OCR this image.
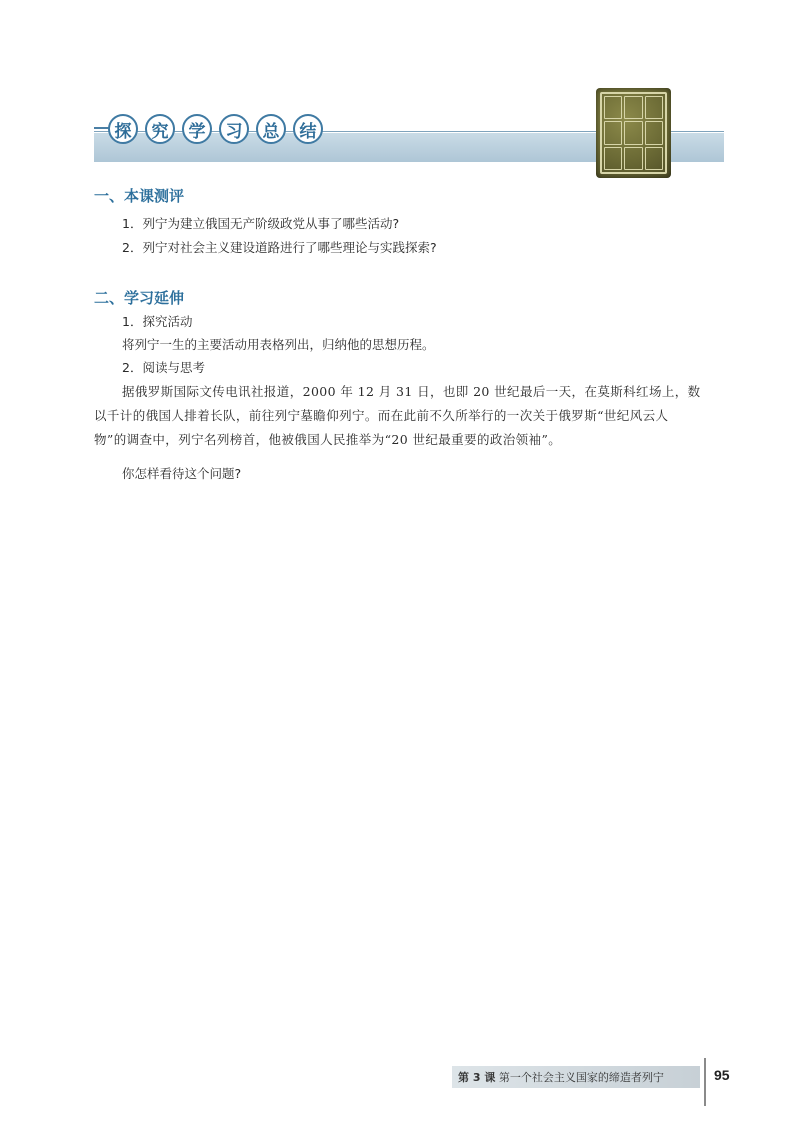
探	究	学	习	总	结
一、本课测评
1．列宁为建立俄国无产阶级政党从事了哪些活动?
2．列宁对社会主义建设道路进行了哪些理论与实践探索?
二、学习延伸
1．探究活动
将列宁一生的主要活动用表格列出，归纳他的思想历程。
2．阅读与思考
据俄罗斯国际文传电讯社报道，2000 年 12 月 31 日，也即 20 世纪最后一天，在莫斯科红场上，数
以千计的俄国人排着长队，前往列宁墓瞻仰列宁。而在此前不久所举行的一次关于俄罗斯“世纪风云人
物”的调查中，列宁名列榜首，他被俄国人民推举为“20 世纪最重要的政治领袖”。
你怎样看待这个问题?
第 3 课 第一个社会主义国家的缔造者列宁	95
